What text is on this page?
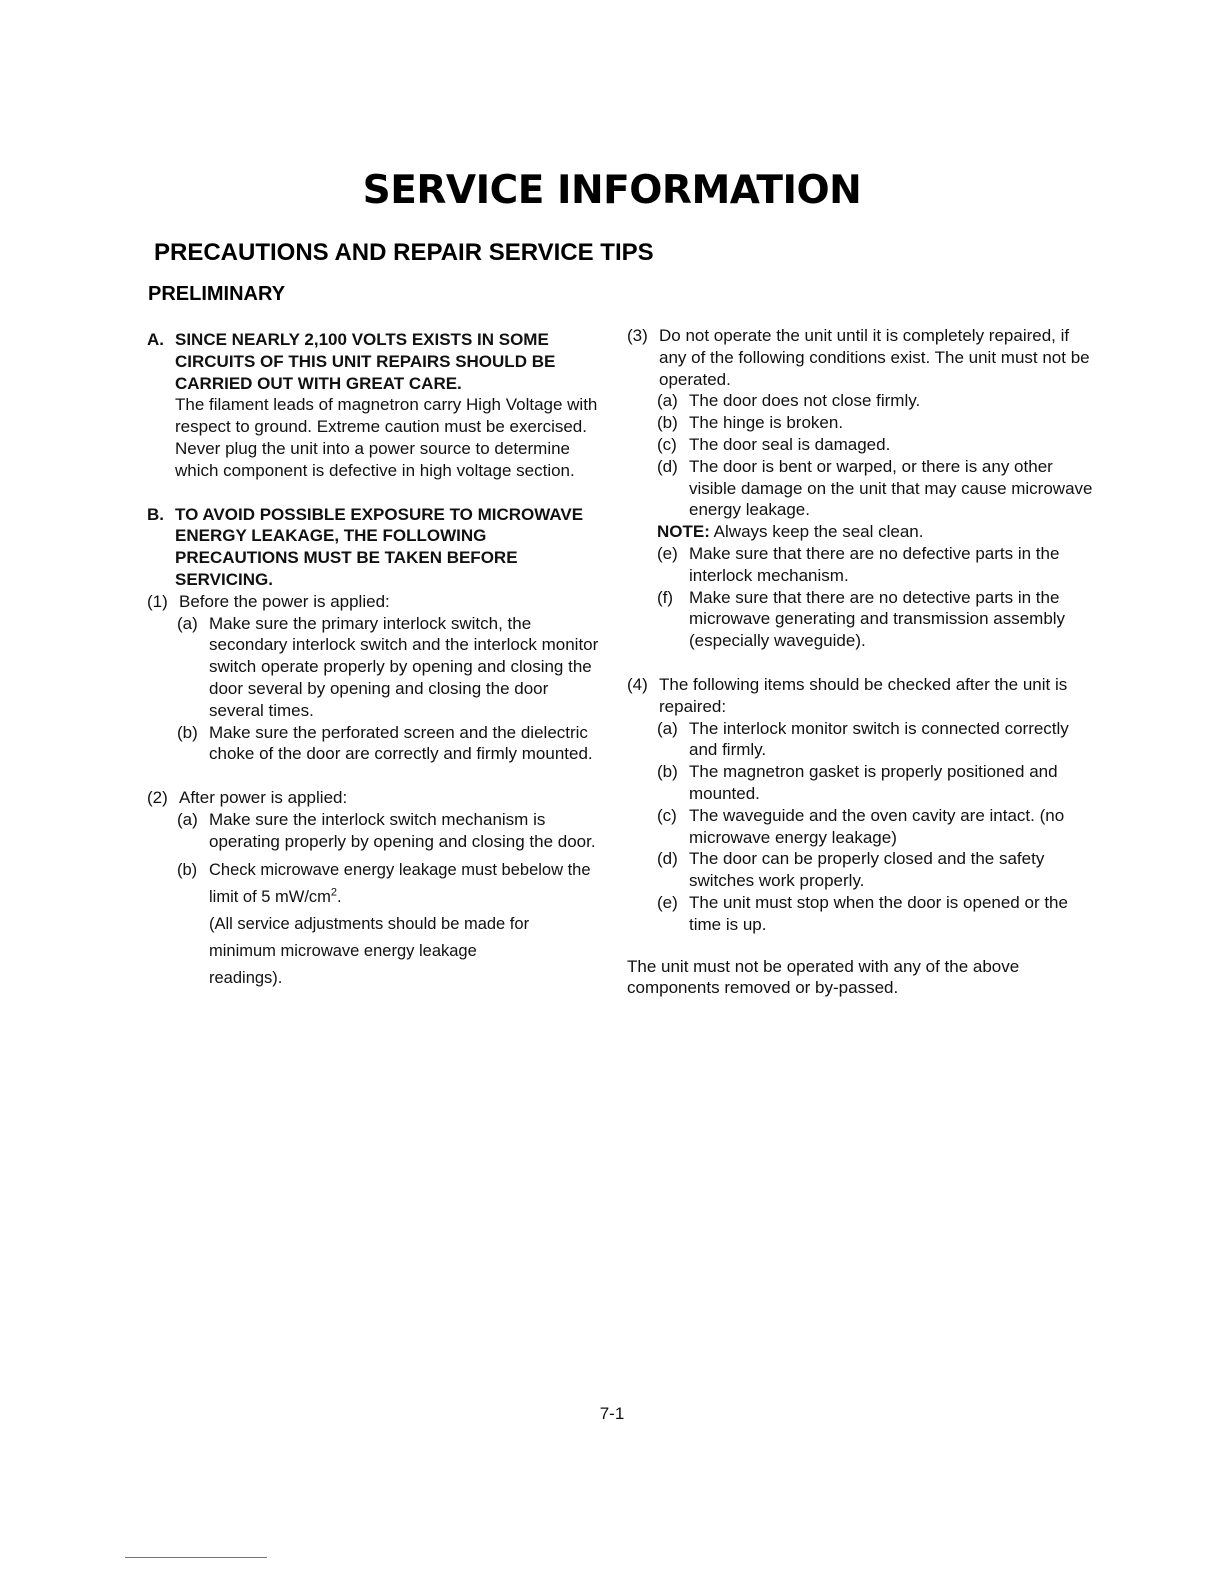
SERVICE INFORMATION
PRECAUTIONS AND REPAIR SERVICE TIPS
PRELIMINARY
A. SINCE NEARLY 2,100 VOLTS EXISTS IN SOME CIRCUITS OF THIS UNIT REPAIRS SHOULD BE CARRIED OUT WITH GREAT CARE.
The filament leads of magnetron carry High Voltage with respect to ground. Extreme caution must be exercised. Never plug the unit into a power source to determine which component is defective in high voltage section.
B. TO AVOID POSSIBLE EXPOSURE TO MICROWAVE ENERGY LEAKAGE, THE FOLLOWING PRECAUTIONS MUST BE TAKEN BEFORE SERVICING.
(1) Before the power is applied:
(a) Make sure the primary interlock switch, the secondary interlock switch and the interlock monitor switch operate properly by opening and closing the door several by opening and closing the door several times.
(b) Make sure the perforated screen and the dielectric choke of the door are correctly and firmly mounted.
(2) After power is applied:
(a) Make sure the interlock switch mechanism is operating properly by opening and closing the door.
(b) Check microwave energy leakage must bebelow the limit of 5 $mW/cm^2$.
(All service adjustments should be made for minimum microwave energy leakage readings).
(3) Do not operate the unit until it is completely repaired, if any of the following conditions exist. The unit must not be operated.
(a) The door does not close firmly.
(b) The hinge is broken.
(c) The door seal is damaged.
(d) The door is bent or warped, or there is any other visible damage on the unit that may cause microwave energy leakage.
NOTE: Always keep the seal clean.
(e) Make sure that there are no defective parts in the interlock mechanism.
(f) Make sure that there are no detective parts in the microwave generating and transmission assembly (especially waveguide).
(4) The following items should be checked after the unit is repaired:
(a) The interlock monitor switch is connected correctly and firmly.
(b) The magnetron gasket is properly positioned and mounted.
(c) The waveguide and the oven cavity are intact. (no microwave energy leakage)
(d) The door can be properly closed and the safety switches work properly.
(e) The unit must stop when the door is opened or the time is up.
The unit must not be operated with any of the above components removed or by-passed.
7-1
